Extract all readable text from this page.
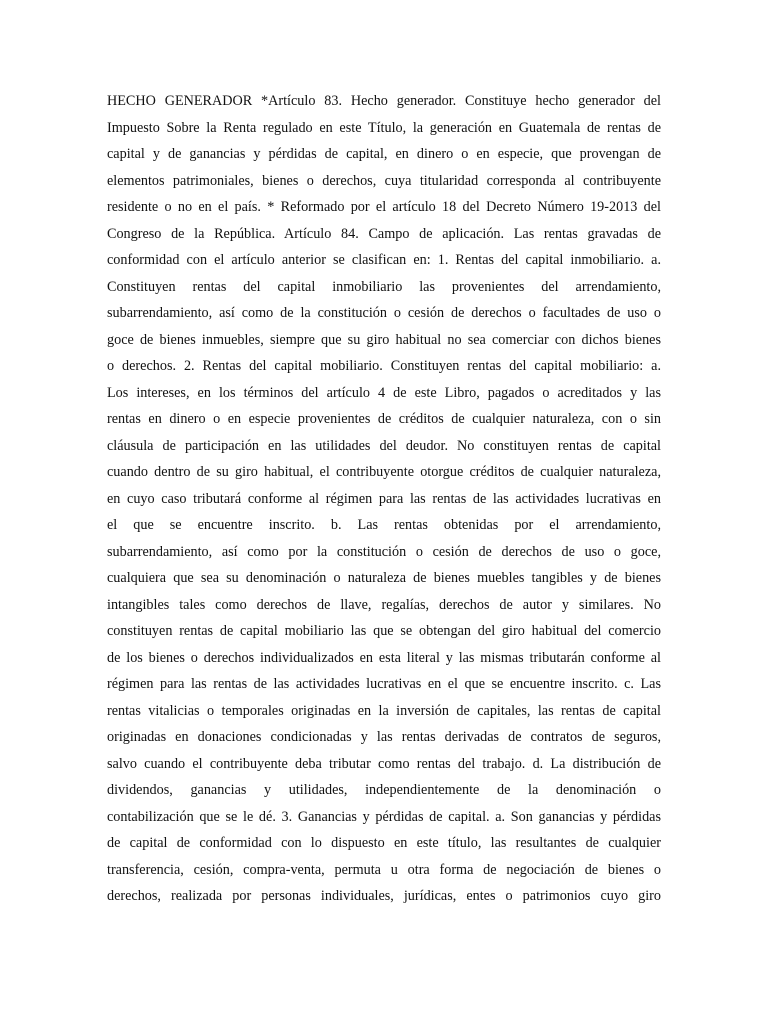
HECHO GENERADOR *Artículo 83. Hecho generador. Constituye hecho generador del
Impuesto Sobre la Renta regulado en este Título, la generación en Guatemala de rentas de
capital y de ganancias y pérdidas de capital, en dinero o en especie, que provengan de
elementos patrimoniales, bienes o derechos, cuya titularidad corresponda al contribuyente
residente o no en el país. * Reformado por el artículo 18 del Decreto Número 19-2013 del
Congreso de la República. Artículo 84. Campo de aplicación. Las rentas gravadas de
conformidad con el artículo anterior se clasifican en: 1. Rentas del capital inmobiliario. a.
Constituyen rentas del capital inmobiliario las provenientes del arrendamiento,
subarrendamiento, así como de la constitución o cesión de derechos o facultades de uso o
goce de bienes inmuebles, siempre que su giro habitual no sea comerciar con dichos bienes
o derechos. 2. Rentas del capital mobiliario. Constituyen rentas del capital mobiliario: a.
Los intereses, en los términos del artículo 4 de este Libro, pagados o acreditados y las
rentas en dinero o en especie provenientes de créditos de cualquier naturaleza, con o sin
cláusula de participación en las utilidades del deudor. No constituyen rentas de capital
cuando dentro de su giro habitual, el contribuyente otorgue créditos de cualquier naturaleza,
en cuyo caso tributará conforme al régimen para las rentas de las actividades lucrativas en
el que se encuentre inscrito. b. Las rentas obtenidas por el arrendamiento,
subarrendamiento, así como por la constitución o cesión de derechos de uso o goce,
cualquiera que sea su denominación o naturaleza de bienes muebles tangibles y de bienes
intangibles tales como derechos de llave, regalías, derechos de autor y similares. No
constituyen rentas de capital mobiliario las que se obtengan del giro habitual del comercio
de los bienes o derechos individualizados en esta literal y las mismas tributarán conforme al
régimen para las rentas de las actividades lucrativas en el que se encuentre inscrito. c. Las
rentas vitalicias o temporales originadas en la inversión de capitales, las rentas de capital
originadas en donaciones condicionadas y las rentas derivadas de contratos de seguros,
salvo cuando el contribuyente deba tributar como rentas del trabajo. d. La distribución de
dividendos, ganancias y utilidades, independientemente de la denominación o
contabilización que se le dé. 3. Ganancias y pérdidas de capital. a. Son ganancias y pérdidas
de capital de conformidad con lo dispuesto en este título, las resultantes de cualquier
transferencia, cesión, compra-venta, permuta u otra forma de negociación de bienes o
derechos, realizada por personas individuales, jurídicas, entes o patrimonios cuyo giro
